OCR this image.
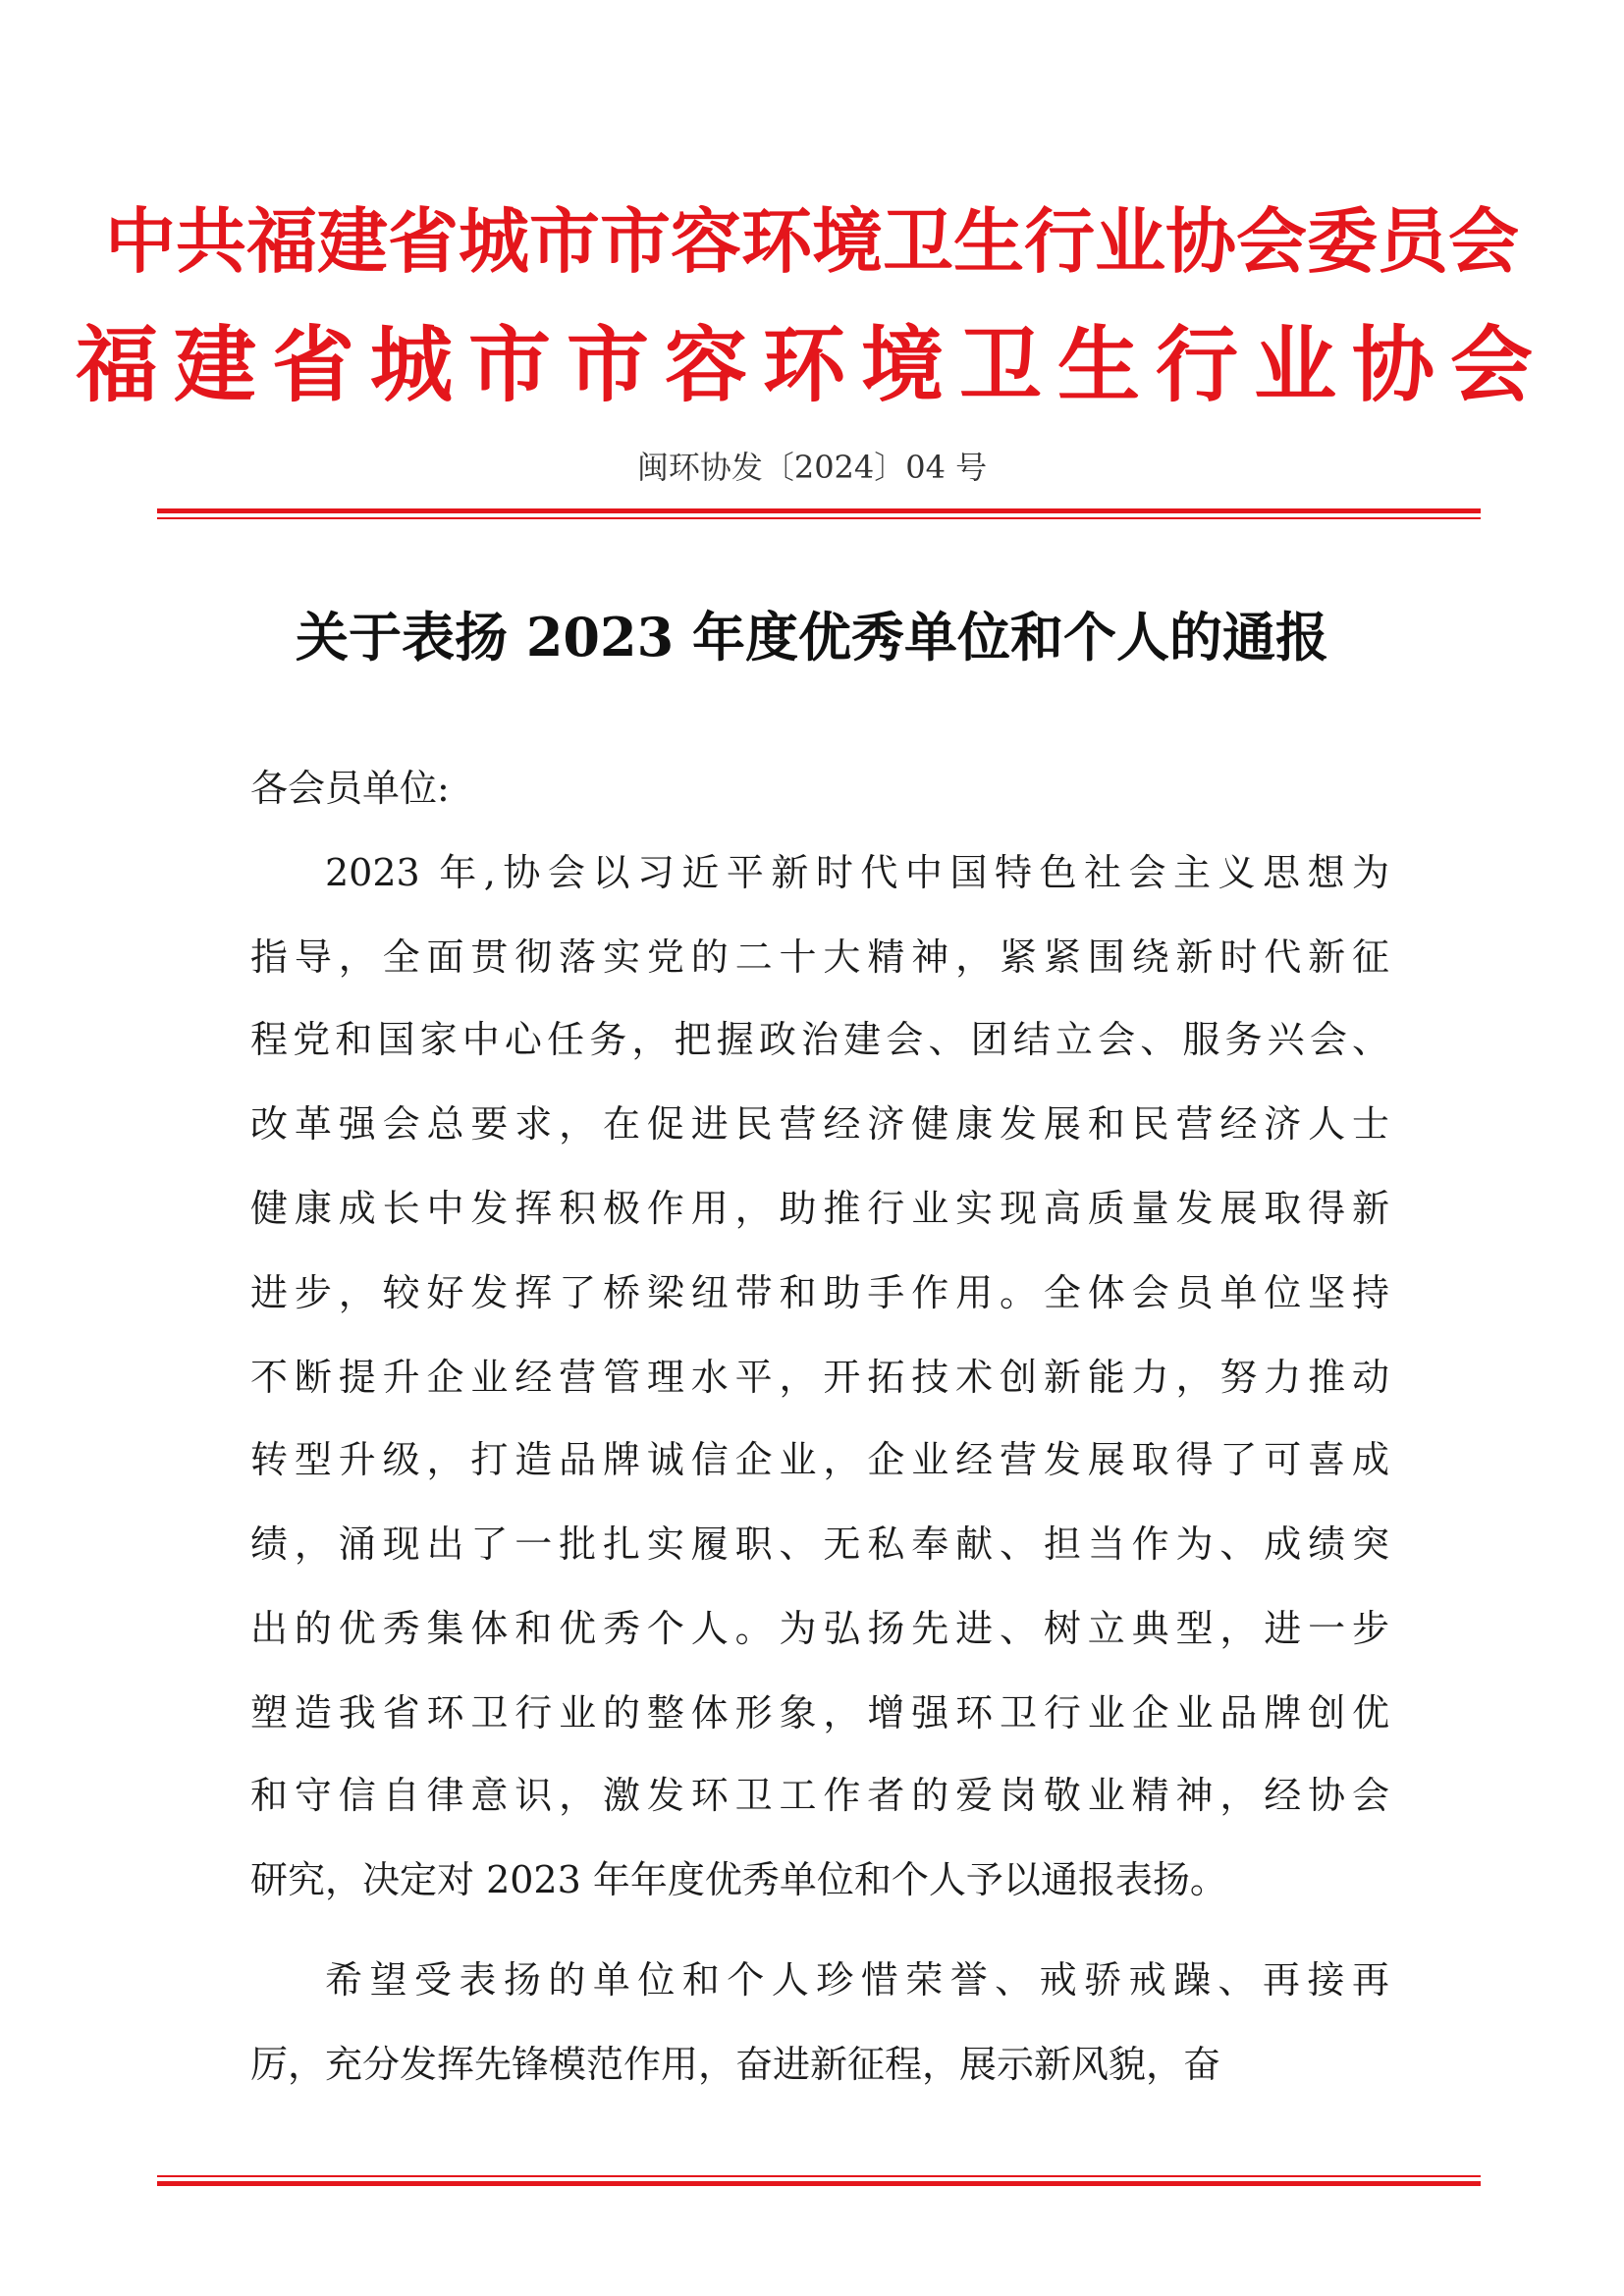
中共福建省城市市容环境卫生行业协会委员会
福建省城市市容环境卫生行业协会
闽环协发〔2024〕04 号
关于表扬 2023 年度优秀单位和个人的通报
各会员单位:
2023 年,协会以习近平新时代中国特色社会主义思想为
指导，全面贯彻落实党的二十大精神，紧紧围绕新时代新征
程党和国家中心任务，把握政治建会、团结立会、服务兴会、
改革强会总要求，在促进民营经济健康发展和民营经济人士
健康成长中发挥积极作用，助推行业实现高质量发展取得新
进步，较好发挥了桥梁纽带和助手作用。全体会员单位坚持
不断提升企业经营管理水平，开拓技术创新能力，努力推动
转型升级，打造品牌诚信企业，企业经营发展取得了可喜成
绩，涌现出了一批扎实履职、无私奉献、担当作为、成绩突
出的优秀集体和优秀个人。为弘扬先进、树立典型，进一步
塑造我省环卫行业的整体形象，增强环卫行业企业品牌创优
和守信自律意识，激发环卫工作者的爱岗敬业精神，经协会
研究，决定对 2023 年年度优秀单位和个人予以通报表扬。
希望受表扬的单位和个人珍惜荣誉、戒骄戒躁、再接再
厉，充分发挥先锋模范作用，奋进新征程，展示新风貌，奋
